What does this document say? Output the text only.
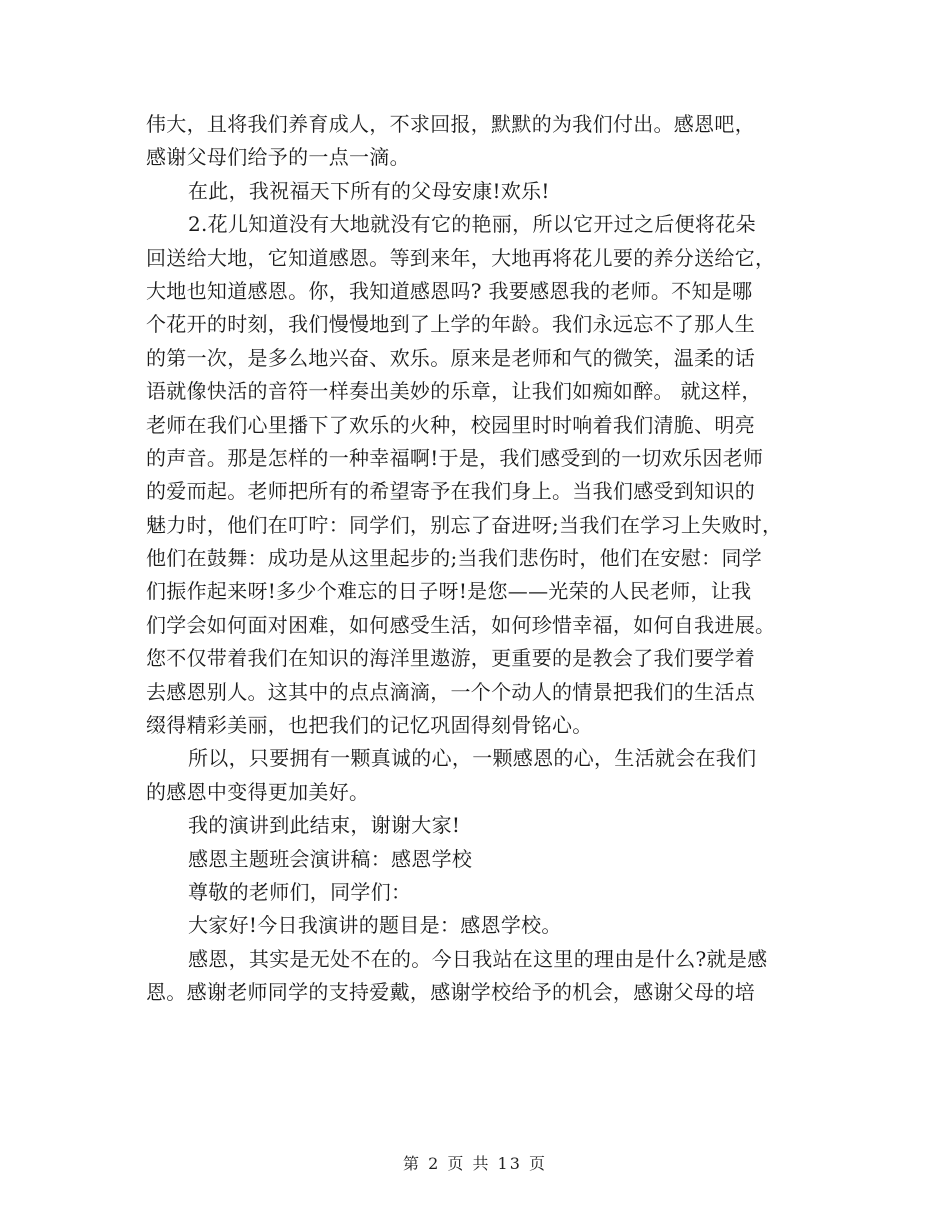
伟大，且将我们养育成人，不求回报，默默的为我们付出。感恩吧，
感谢父母们给予的一点一滴。
在此，我祝福天下所有的父母安康!欢乐!
2.花儿知道没有大地就没有它的艳丽，所以它开过之后便将花朵
回送给大地，它知道感恩。等到来年，大地再将花儿要的养分送给它，
大地也知道感恩。你，我知道感恩吗? 我要感恩我的老师。不知是哪
个花开的时刻，我们慢慢地到了上学的年龄。我们永远忘不了那人生
的第一次，是多么地兴奋、欢乐。原来是老师和气的微笑，温柔的话
语就像快活的音符一样奏出美妙的乐章，让我们如痴如醉。 就这样，
老师在我们心里播下了欢乐的火种，校园里时时响着我们清脆、明亮
的声音。那是怎样的一种幸福啊!于是，我们感受到的一切欢乐因老师
的爱而起。老师把所有的希望寄予在我们身上。当我们感受到知识的
魅力时，他们在叮咛：同学们，别忘了奋进呀;当我们在学习上失败时，
他们在鼓舞：成功是从这里起步的;当我们悲伤时，他们在安慰：同学
们振作起来呀!多少个难忘的日子呀!是您——光荣的人民老师，让我
们学会如何面对困难，如何感受生活，如何珍惜幸福，如何自我进展。
您不仅带着我们在知识的海洋里遨游，更重要的是教会了我们要学着
去感恩别人。这其中的点点滴滴，一个个动人的情景把我们的生活点
缀得精彩美丽，也把我们的记忆巩固得刻骨铭心。
所以，只要拥有一颗真诚的心，一颗感恩的心，生活就会在我们
的感恩中变得更加美好。
我的演讲到此结束，谢谢大家!
感恩主题班会演讲稿：感恩学校
尊敬的老师们，同学们：
大家好!今日我演讲的题目是：感恩学校。
感恩，其实是无处不在的。今日我站在这里的理由是什么?就是感
恩。感谢老师同学的支持爱戴，感谢学校给予的机会，感谢父母的培
第 2 页 共 13 页
